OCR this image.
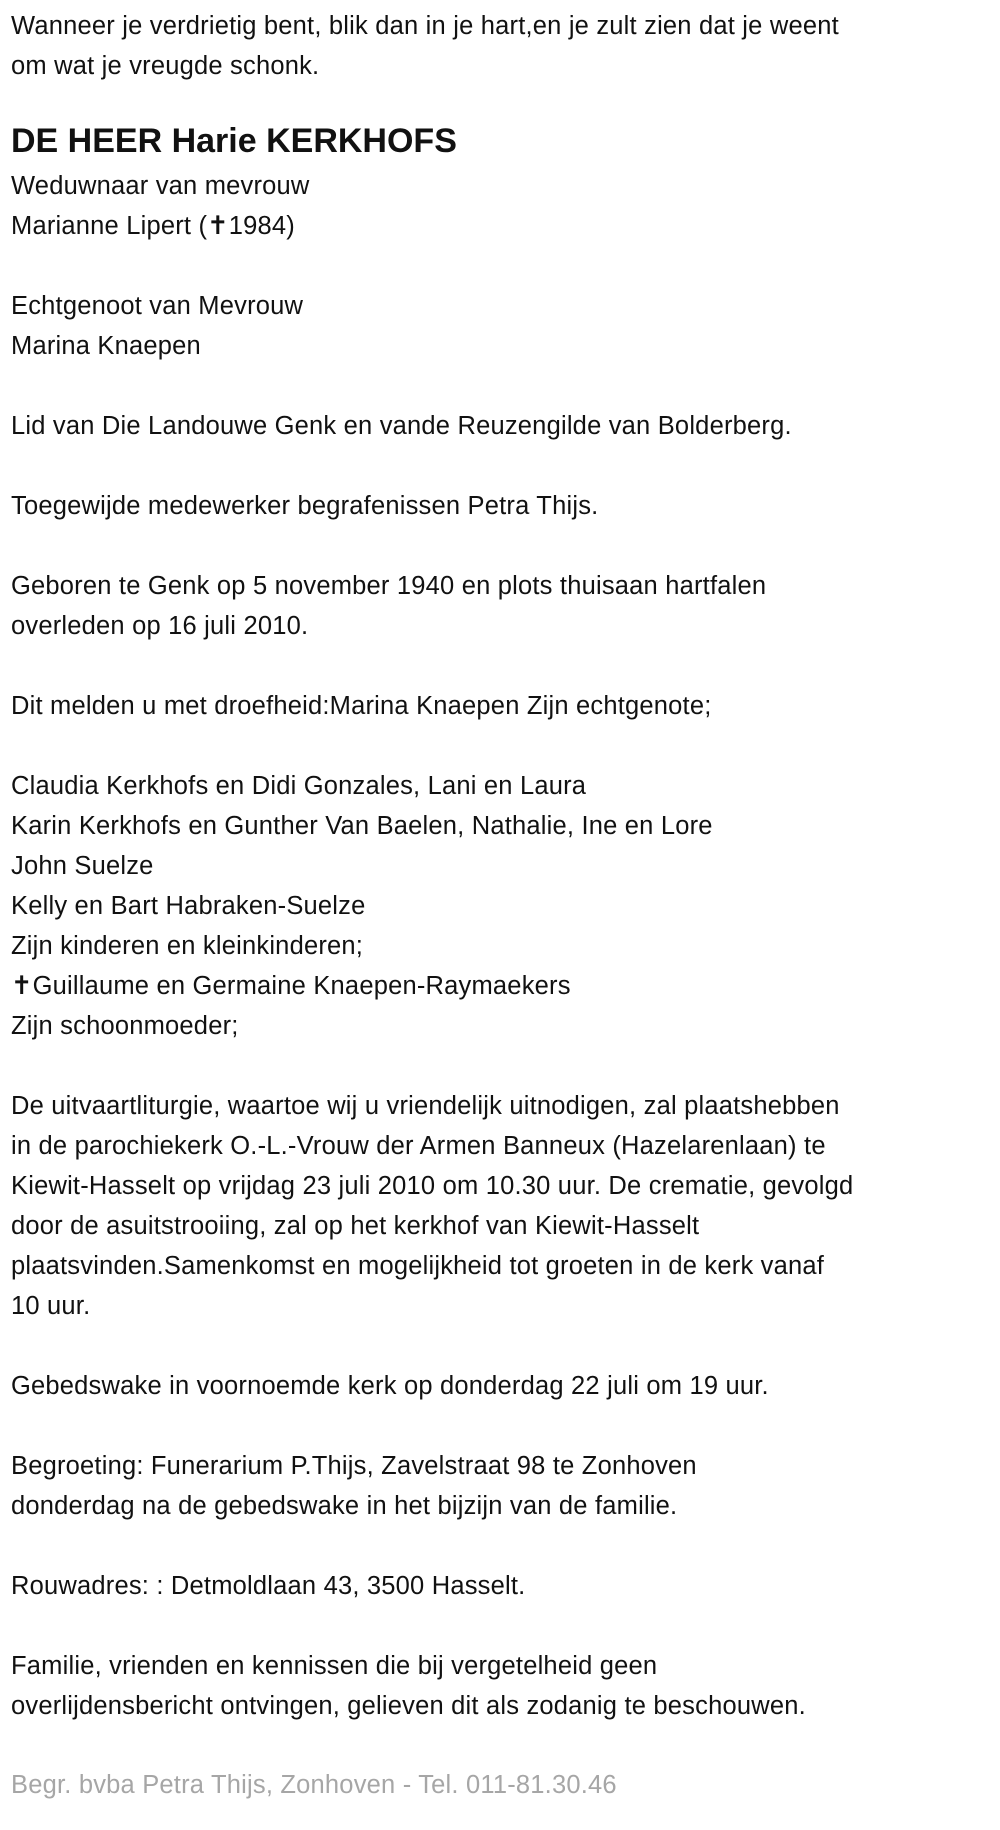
Wanneer je verdrietig bent, blik dan in je hart,en je zult zien dat je weent
om wat je vreugde schonk.
DE HEER Harie KERKHOFS
Weduwnaar van mevrouw
Marianne Lipert (✝1984)
Echtgenoot van Mevrouw
Marina Knaepen
Lid van Die Landouwe Genk en vande Reuzengilde van Bolderberg.
Toegewijde medewerker begrafenissen Petra Thijs.
Geboren te Genk op 5 november 1940 en plots thuisaan hartfalen
overleden op 16 juli 2010.
Dit melden u met droefheid:Marina Knaepen Zijn echtgenote;
Claudia Kerkhofs en Didi Gonzales, Lani en Laura
Karin Kerkhofs en Gunther Van Baelen, Nathalie, Ine en Lore
John Suelze
Kelly en Bart Habraken-Suelze
Zijn kinderen en kleinkinderen;
✝Guillaume en Germaine Knaepen-Raymaekers
Zijn schoonmoeder;
De uitvaartliturgie, waartoe wij u vriendelijk uitnodigen, zal plaatshebben
in de parochiekerk O.-L.-Vrouw der Armen Banneux (Hazelarenlaan) te
Kiewit-Hasselt op vrijdag 23 juli 2010 om 10.30 uur. De crematie, gevolgd
door de asuitstrooiing, zal op het kerkhof van Kiewit-Hasselt
plaatsvinden.Samenkomst en mogelijkheid tot groeten in de kerk vanaf
10 uur.
Gebedswake in voornoemde kerk op donderdag 22 juli om 19 uur.
Begroeting: Funerarium P.Thijs, Zavelstraat 98 te Zonhoven
donderdag na de gebedswake in het bijzijn van de familie.
Rouwadres: : Detmoldlaan 43, 3500 Hasselt.
Familie, vrienden en kennissen die bij vergetelheid geen
overlijdensbericht ontvingen, gelieven dit als zodanig te beschouwen.
Begr. bvba Petra Thijs, Zonhoven - Tel. 011-81.30.46
